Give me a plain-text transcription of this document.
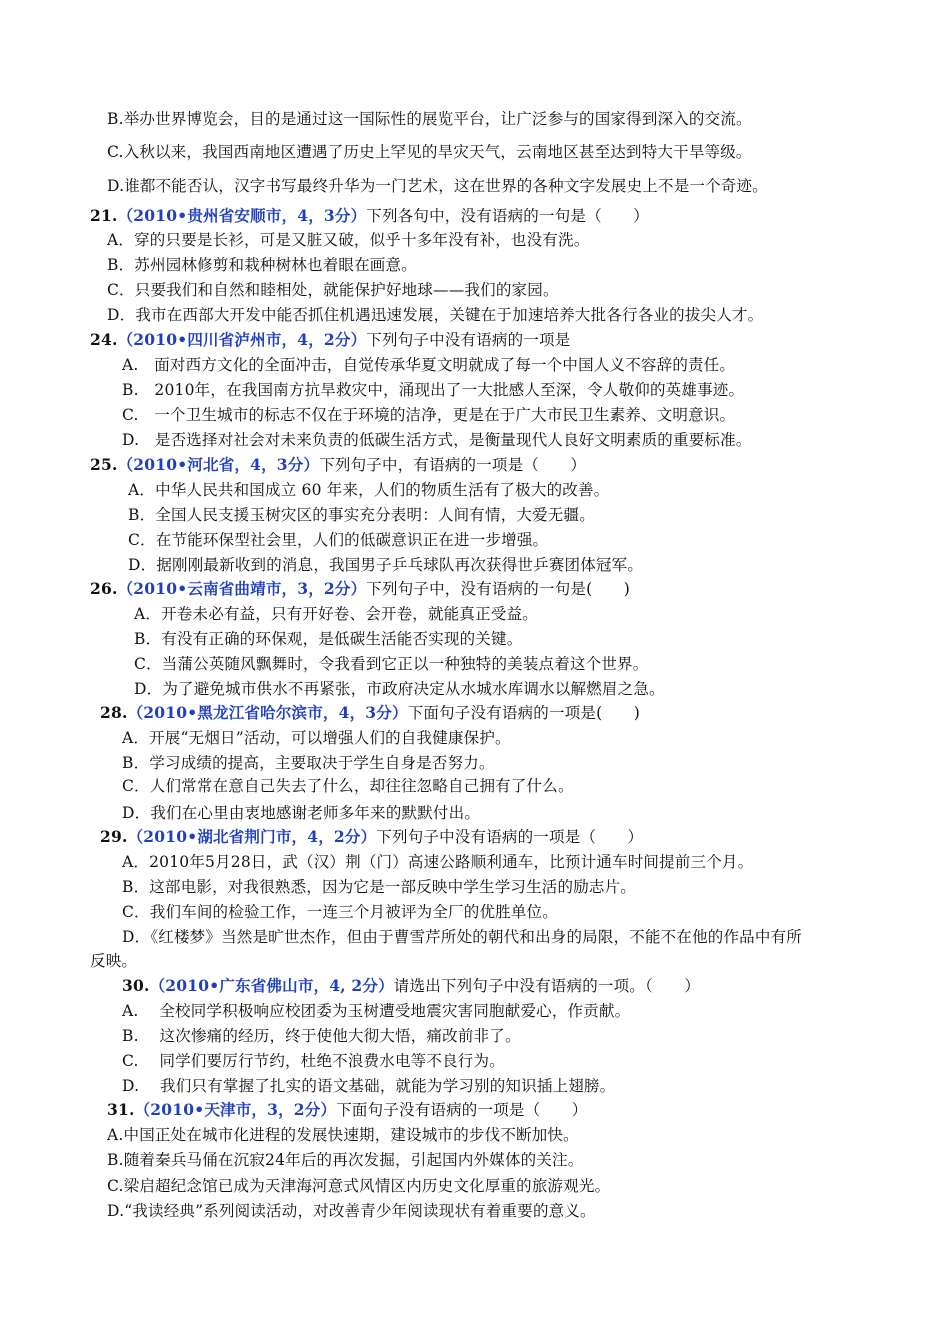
B.举办世界博览会，目的是通过这一国际性的展览平台，让广泛参与的国家得到深入的交流。
C.入秋以来，我国西南地区遭遇了历史上罕见的旱灾天气，云南地区甚至达到特大干旱等级。
D.谁都不能否认，汉字书写最终升华为一门艺术，这在世界的各种文字发展史上不是一个奇迹。
21.（2010•贵州省安顺市，4，3分）下列各句中，没有语病的一句是（　　）
A．穿的只要是长衫，可是又脏又破，似乎十多年没有补，也没有洗。
B．苏州园林修剪和栽种树林也着眼在画意。
C．只要我们和自然和睦相处，就能保护好地球——我们的家园。
D．我市在西部大开发中能否抓住机遇迅速发展，关键在于加速培养大批各行各业的拔尖人才。
24.（2010•四川省泸州市，4，2分）下列句子中没有语病的一项是
A.　面对西方文化的全面冲击，自觉传承华夏文明就成了每一个中国人义不容辞的责任。
B.　2010年，在我国南方抗旱救灾中，涌现出了一大批感人至深，令人敬仰的英雄事迹。
C.　一个卫生城市的标志不仅在于环境的洁净，更是在于广大市民卫生素养、文明意识。
D.　是否选择对社会对未来负责的低碳生活方式，是衡量现代人良好文明素质的重要标准。
25.（2010•河北省，4，3分）下列句子中，有语病的一项是（　　）
A．中华人民共和国成立 60 年来，人们的物质生活有了极大的改善。
B．全国人民支援玉树灾区的事实充分表明：人间有情，大爱无疆。
C．在节能环保型社会里，人们的低碳意识正在进一步增强。
D．据刚刚最新收到的消息，我国男子乒乓球队再次获得世乒赛团体冠军。
26.（2010•云南省曲靖市，3，2分）下列句子中，没有语病的一句是(　　)
A．开卷未必有益，只有开好卷、会开卷，就能真正受益。
B．有没有正确的环保观，是低碳生活能否实现的关键。
C．当蒲公英随风飘舞时，令我看到它正以一种独特的美装点着这个世界。
D．为了避免城市供水不再紧张，市政府决定从水城水库调水以解燃眉之急。
28.（2010•黑龙江省哈尔滨市，4，3分）下面句子没有语病的一项是(　　)
A．开展“无烟日”活动，可以增强人们的自我健康保护。
B．学习成绩的提高，主要取决于学生自身是否努力。
C．人们常常在意自己失去了什么，却往往忽略自己拥有了什么。
D．我们在心里由衷地感谢老师多年来的默默付出。
29.（2010•湖北省荆门市，4，2分）下列句子中没有语病的一项是（　　）
A．2010年5月28日，武（汉）荆（门）高速公路顺利通车，比预计通车时间提前三个月。
B．这部电影，对我很熟悉，因为它是一部反映中学生学习生活的励志片。
C．我们车间的检验工作，一连三个月被评为全厂的优胜单位。
D．《红楼梦》当然是旷世杰作，但由于曹雪芹所处的朝代和出身的局限，不能不在他的作品中有所
反映。
30.（2010•广东省佛山市，4, 2分）请选出下列句子中没有语病的一项。（　　）
A.　 全校同学积极响应校团委为玉树遭受地震灾害同胞献爱心，作贡献。
B.　 这次惨痛的经历，终于使他大彻大悟，痛改前非了。
C.　 同学们要厉行节约，杜绝不浪费水电等不良行为。
D.　 我们只有掌握了扎实的语文基础，就能为学习别的知识插上翅膀。
31.（2010•天津市，3，2分）下面句子没有语病的一项是（　　）
A.中国正处在城市化进程的发展快速期，建设城市的步伐不断加快。
B.随着秦兵马俑在沉寂24年后的再次发掘，引起国内外媒体的关注。
C.梁启超纪念馆已成为天津海河意式风情区内历史文化厚重的旅游观光。
D.“我读经典”系列阅读活动，对改善青少年阅读现状有着重要的意义。
